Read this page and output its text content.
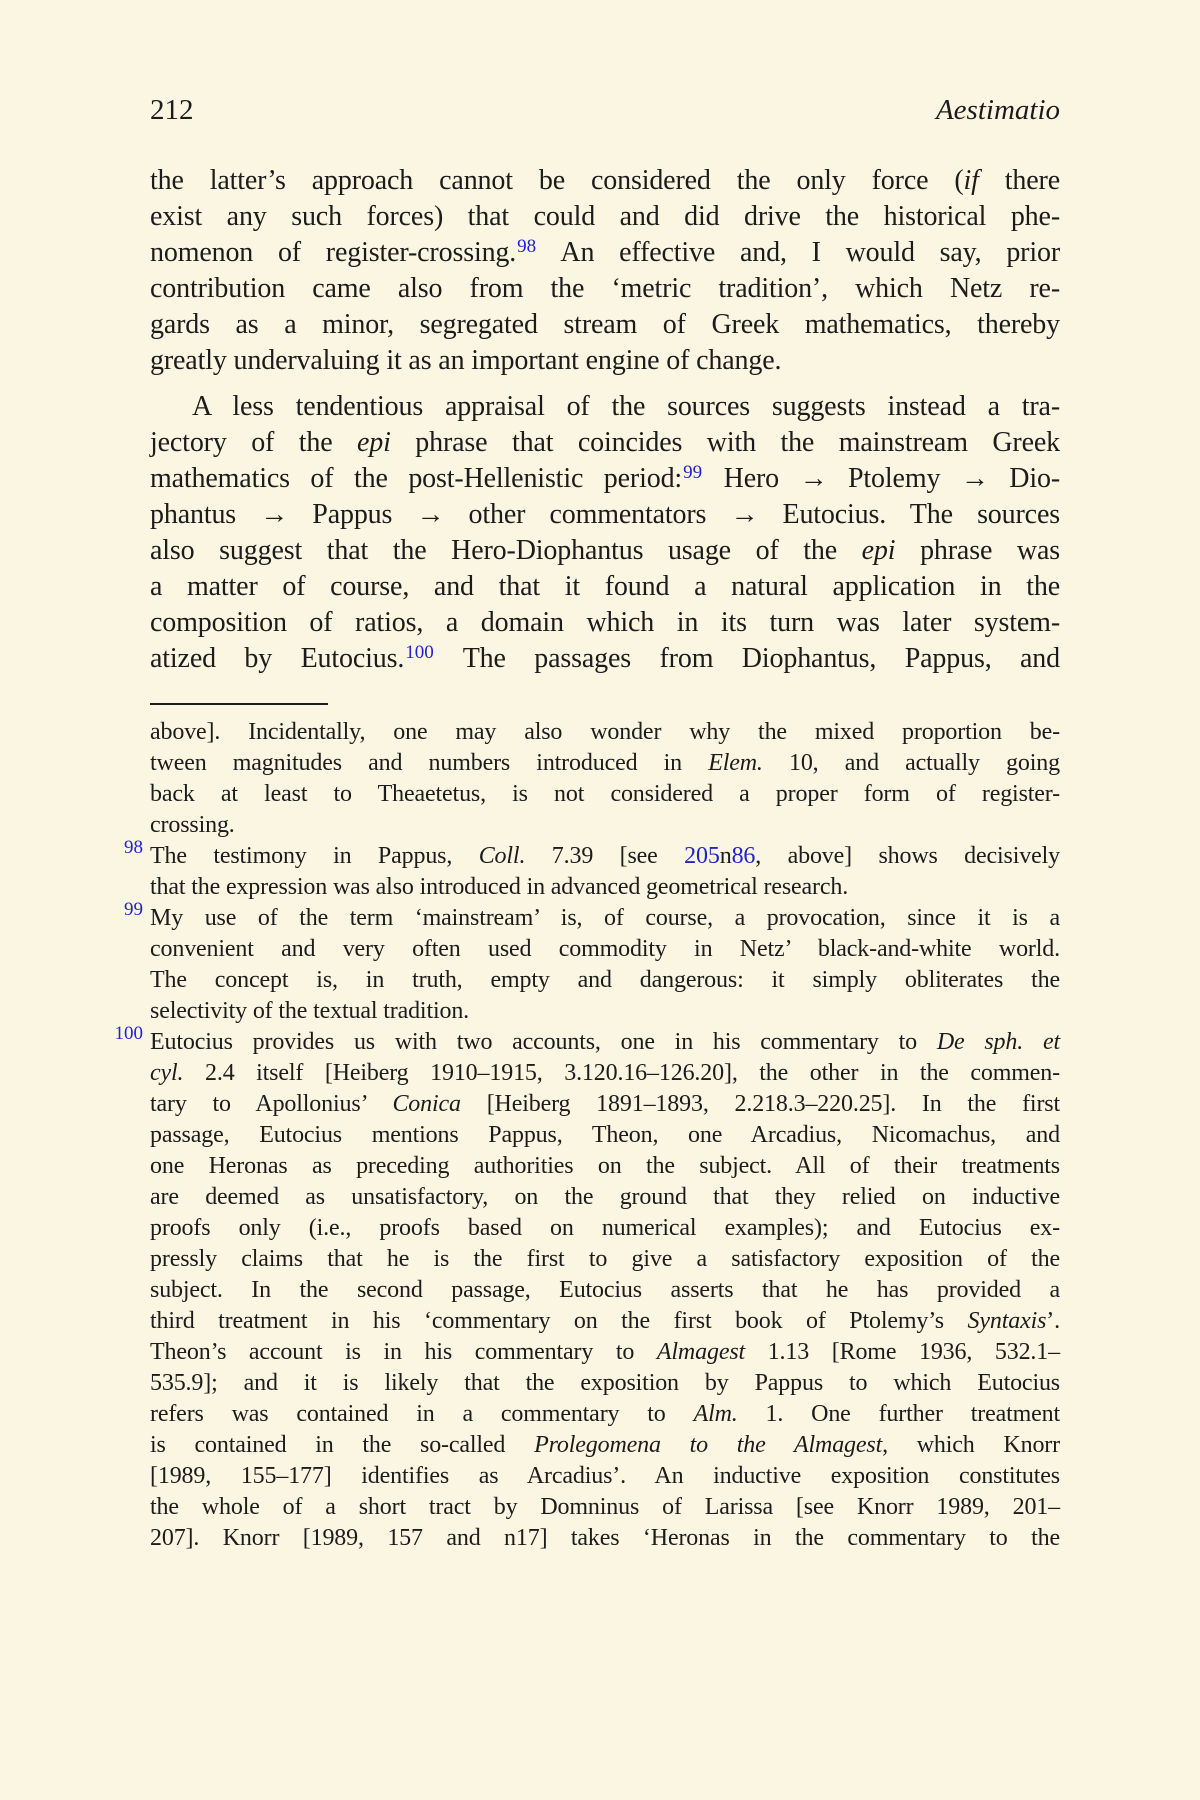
212	Aestimatio
the latter’s approach cannot be considered the only force (if there
exist any such forces) that could and did drive the historical phe-
nomenon of register-crossing.$^{98}$ An effective and, I would say, prior
contribution came also from the ‘metric tradition’, which Netz re-
gards as a minor, segregated stream of Greek mathematics, thereby
greatly undervaluing it as an important engine of change.
A less tendentious appraisal of the sources suggests instead a tra-
jectory of the epi phrase that coincides with the mainstream Greek
mathematics of the post-Hellenistic period:$^{99}$ Hero → Ptolemy → Dio-
phantus → Pappus → other commentators → Eutocius. The sources
also suggest that the Hero-Diophantus usage of the epi phrase was
a matter of course, and that it found a natural application in the
composition of ratios, a domain which in its turn was later system-
atized by Eutocius.$^{100}$ The passages from Diophantus, Pappus, and
above]. Incidentally, one may also wonder why the mixed proportion be-
tween magnitudes and numbers introduced in Elem. 10, and actually going
back at least to Theaetetus, is not considered a proper form of register-
crossing.
98 The testimony in Pappus, Coll. 7.39 [see 205n86, above] shows decisively
that the expression was also introduced in advanced geometrical research.
99 My use of the term ‘mainstream’ is, of course, a provocation, since it is a
convenient and very often used commodity in Netz’ black-and-white world.
The concept is, in truth, empty and dangerous: it simply obliterates the
selectivity of the textual tradition.
100 Eutocius provides us with two accounts, one in his commentary to De sph. et
cyl. 2.4 itself [Heiberg 1910–1915, 3.120.16–126.20], the other in the commen-
tary to Apollonius’ Conica [Heiberg 1891–1893, 2.218.3–220.25]. In the first
passage, Eutocius mentions Pappus, Theon, one Arcadius, Nicomachus, and
one Heronas as preceding authorities on the subject. All of their treatments
are deemed as unsatisfactory, on the ground that they relied on inductive
proofs only (i.e., proofs based on numerical examples); and Eutocius ex-
pressly claims that he is the first to give a satisfactory exposition of the
subject. In the second passage, Eutocius asserts that he has provided a
third treatment in his ‘commentary on the first book of Ptolemy’s Syntaxis’.
Theon’s account is in his commentary to Almagest 1.13 [Rome 1936, 532.1–
535.9]; and it is likely that the exposition by Pappus to which Eutocius
refers was contained in a commentary to Alm. 1. One further treatment
is contained in the so-called Prolegomena to the Almagest, which Knorr
[1989, 155–177] identifies as Arcadius’. An inductive exposition constitutes
the whole of a short tract by Domninus of Larissa [see Knorr 1989, 201–
207]. Knorr [1989, 157 and n17] takes ‘Heronas in the commentary to the
